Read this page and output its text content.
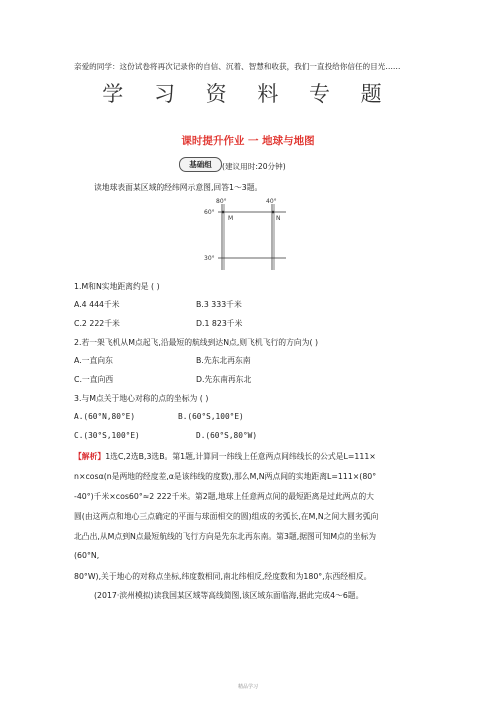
亲爱的同学：这份试卷将再次记录你的自信、沉着、智慧和收获，我们一直投给你信任的目光……
学 习 资 料 专 题
课时提升作业 一 地球与地图
基础组	(建议用时:20分钟)
读地球表面某区域的经纬网示意图,回答1～3题。
80°	40°
60°
30°
M	N
1.M和N实地距离约是 ( )
A.4 444千米	B.3 333千米
C.2 222千米	D.1 823千米
2.若一架飞机从M点起飞,沿最短的航线到达N点,则飞机飞行的方向为( )
A.一直向东	B.先东北再东南
C.一直向西	D.先东南再东北
3.与M点关于地心对称的点的坐标为 ( )
A.(60°N,80°E)	B.(60°S,100°E)
C.(30°S,100°E)	D.(60°S,80°W)
【解析】1选C,2选B,3选B。第1题,计算同一纬线上任意两点间纬线长的公式是L=111×
n×cosα(n是两地的经度差,α是该纬线的度数),那么M,N两点间的实地距离L=111×(80°
-40°)千米×cos60°≈2 222千米。第2题,地球上任意两点间的最短距离是过此两点的大
圆(由这两点和地心三点确定的平面与球面相交的圆)组成的劣弧长,在M,N之间大圆劣弧向
北凸出,从M点到N点最短航线的飞行方向是先东北再东南。第3题,据图可知M点的坐标为
(60°N,
80°W),关于地心的对称点坐标,纬度数相同,南北纬相反,经度数和为180°,东西经相反。
(2017·滨州模拟)读我国某区域等高线简图,该区域东面临海,据此完成4～6题。
精品学习
